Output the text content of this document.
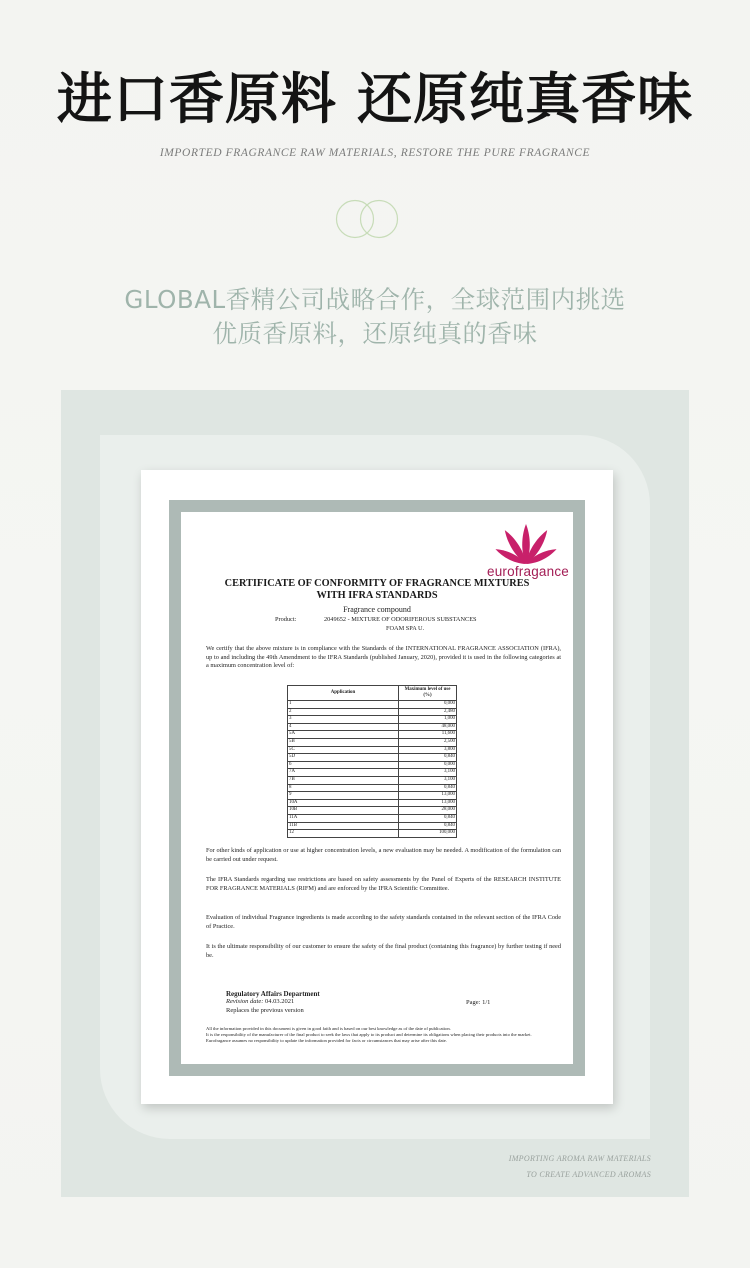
进口香原料 还原纯真香味
IMPORTED FRAGRANCE RAW MATERIALS, RESTORE THE PURE FRAGRANCE
GLOBAL香精公司战略合作，全球范围内挑选
优质香原料，还原纯真的香味
eurofragance
CERTIFICATE OF CONFORMITY OF FRAGRANCE MIXTURES
WITH IFRA STANDARDS
Fragrance compound
Product:	2049652 - MIXTURE OF ODORIFEROUS SUBSTANCES
FOAM SPA U.
We certify that the above mixture is in compliance with the Standards of the INTERNATIONAL FRAGRANCE ASSOCIATION (IFRA), up to and including the 49th Amendment to the IFRA Standards (published January, 2020), provided it is used in the following categories at a maximum concentration level of:
Application	Maximum level of use (%)
1	0,000
2	2,480
3	1,000
4	48,000
5A	11,600
5B	2,500
5C	3,800
5D	0,840
6	0,000
7A	3,100
7B	3,100
8	0,840
9	13,000
10A	13,000
10B	28,000
11A	0,840
11B	0,840
12	100,000
For other kinds of application or use at higher concentration levels, a new evaluation may be needed. A modification of the formulation can be carried out under request.
The IFRA Standards regarding use restrictions are based on safety assessments by the Panel of Experts of the RESEARCH INSTITUTE FOR FRAGRANCE MATERIALS (RIFM) and are enforced by the IFRA Scientific Committee.
Evaluation of individual Fragrance ingredients is made according to the safety standards contained in the relevant section of the IFRA Code of Practice.
It is the ultimate responsibility of our customer to ensure the safety of the final product (containing this fragrance) by further testing if need be.
Regulatory Affairs Department
Revision date: 04.03.2021
Replaces the previous version
Page: 1/1
All the information provided in this document is given in good faith and is based on our best knowledge as of the date of publication.
It is the responsibility of the manufacturer of the final product to seek the laws that apply to its product and determine its obligations when placing their products into the market.
Eurofragance assumes no responsibility to update the information provided for facts or circumstances that may arise after this date.
IMPORTING AROMA RAW MATERIALS
TO CREATE ADVANCED AROMAS
